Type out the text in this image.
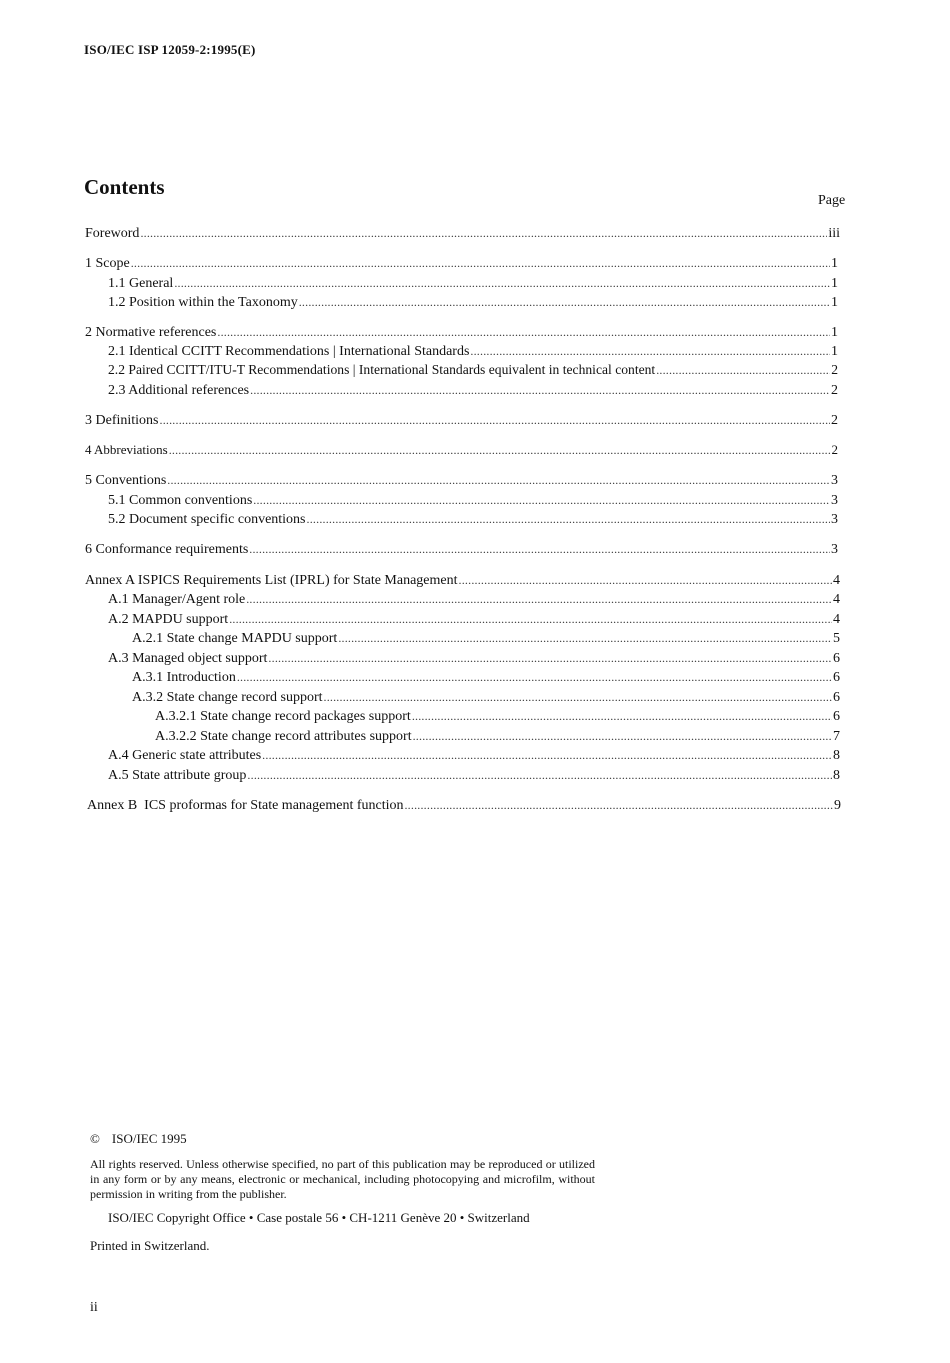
ISO/IEC ISP 12059-2:1995(E)
Contents
Page
Foreword .....	iii
1 Scope .....	1
1.1 General .....	1
1.2 Position within the Taxonomy .....	1
2 Normative references .....	1
2.1 Identical CCITT Recommendations | International Standards .....	1
2.2 Paired CCITT/ITU-T Recommendations | International Standards equivalent in technical content .....	2
2.3 Additional references .....	2
3 Definitions .....	2
4 Abbreviations .....	2
5 Conventions .....	3
5.1 Common conventions .....	3
5.2 Document specific conventions .....	3
6 Conformance requirements .....	3
Annex A ISPICS Requirements List (IPRL) for State Management .....	4
A.1 Manager/Agent role .....	4
A.2 MAPDU support .....	4
A.2.1 State change MAPDU support .....	5
A.3 Managed object support .....	6
A.3.1 Introduction .....	6
A.3.2 State change record support .....	6
A.3.2.1 State change record packages support .....	6
A.3.2.2 State change record attributes support .....	7
A.4 Generic state attributes .....	8
A.5 State attribute group .....	8
Annex B  ICS proformas for State management function .....	9
© ISO/IEC 1995
All rights reserved. Unless otherwise specified, no part of this publication may be reproduced or utilized in any form or by any means, electronic or mechanical, including photocopying and microfilm, without permission in writing from the publisher.
ISO/IEC Copyright Office • Case postale 56 • CH-1211 Genève 20 • Switzerland
Printed in Switzerland.
ii
